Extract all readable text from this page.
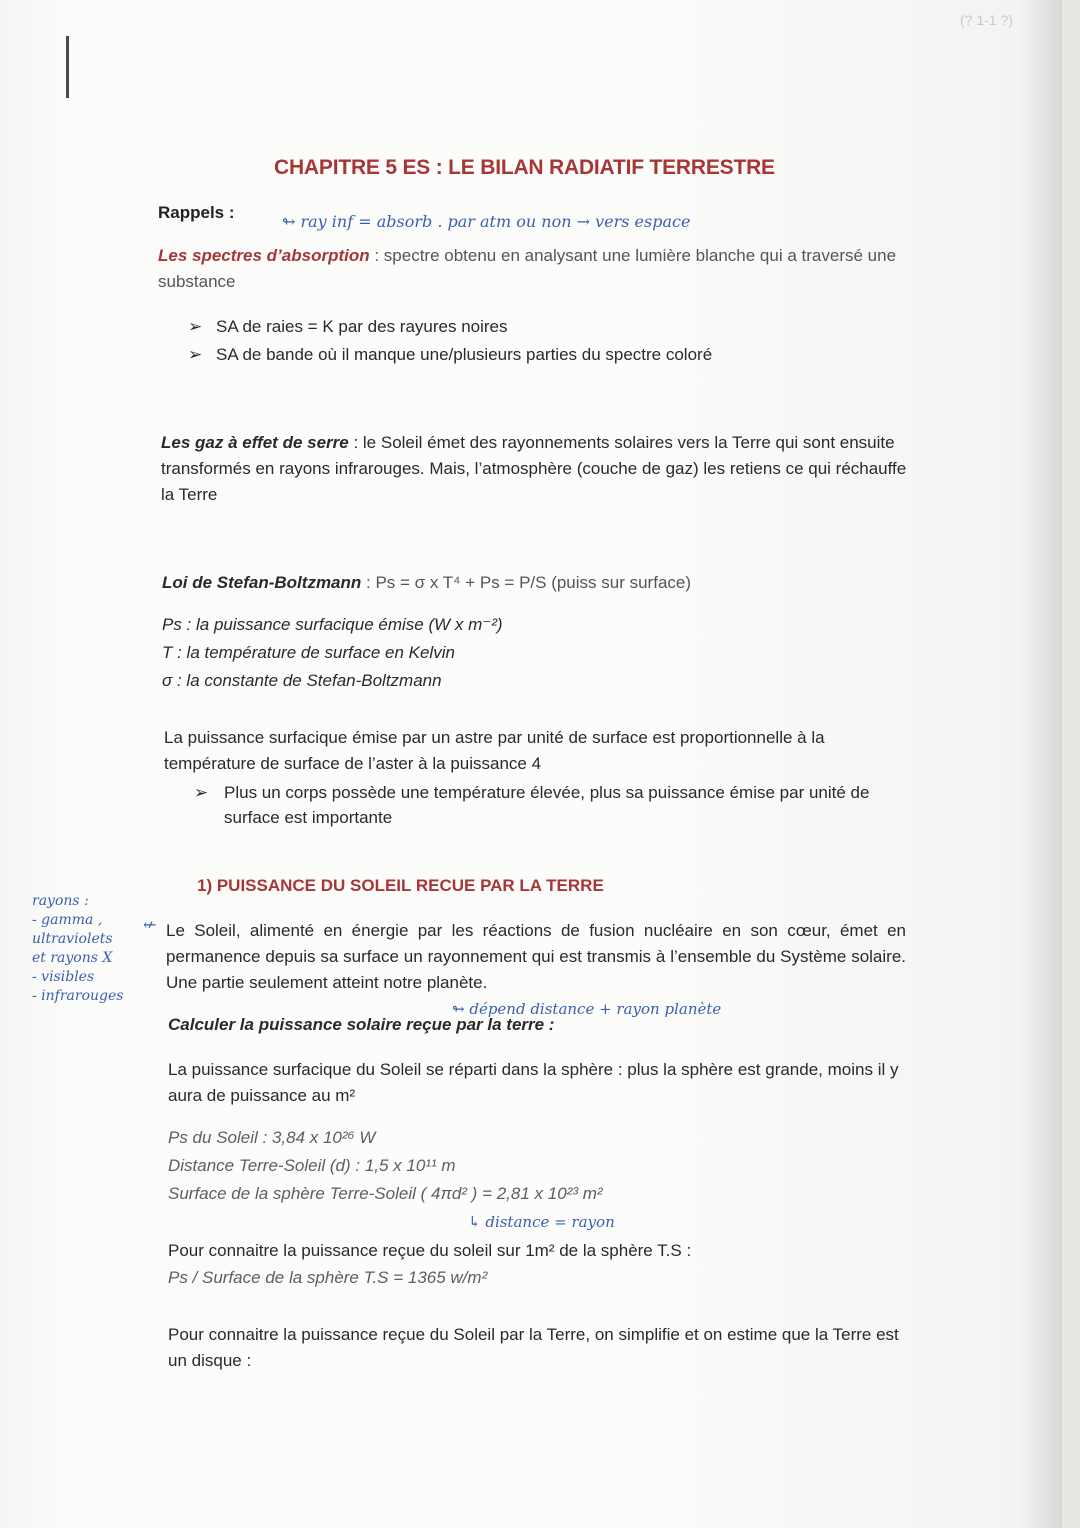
(? 1-1 ?)
CHAPITRE 5 ES : LE BILAN RADIATIF TERRESTRE
Rappels :	↬ ray inf = absorb . par atm ou non → vers espace
Les spectres d’absorption : spectre obtenu en analysant une lumière blanche qui a traversé une substance
➢ SA de raies = K par des rayures noires
➢ SA de bande où il manque une/plusieurs parties du spectre coloré
Les gaz à effet de serre : le Soleil émet des rayonnements solaires vers la Terre qui sont ensuite transformés en rayons infrarouges. Mais, l’atmosphère (couche de gaz) les retiens ce qui réchauffe la Terre
Loi de Stefan-Boltzmann : Ps = σ x T⁴ + Ps = P/S (puiss sur surface)
Ps : la puissance surfacique émise (W x m⁻²)
T : la température de surface en Kelvin
σ : la constante de Stefan-Boltzmann
La puissance surfacique émise par un astre par unité de surface est proportionnelle à la température de surface de l’aster à la puissance 4
➢ Plus un corps possède une température élevée, plus sa puissance émise par unité de surface est importante
1) PUISSANCE DU SOLEIL RECUE PAR LA TERRE
rayons :
- gamma ,
ultraviolets
et rayons X
- visibles
- infrarouges
↚ Le Soleil, alimenté en énergie par les réactions de fusion nucléaire en son cœur, émet en permanence depuis sa surface un rayonnement qui est transmis à l’ensemble du Système solaire. Une partie seulement atteint notre planète.
↬ dépend distance + rayon planète
Calculer la puissance solaire reçue par la terre :
La puissance surfacique du Soleil se réparti dans la sphère : plus la sphère est grande, moins il y aura de puissance au m²
Ps du Soleil : 3,84 x 10²⁶ W
Distance Terre-Soleil (d) : 1,5 x 10¹¹ m
Surface de la sphère Terre-Soleil ( 4πd² ) = 2,81 x 10²³ m²
↳ distance = rayon
Pour connaitre la puissance reçue du soleil sur 1m² de la sphère T.S :
Ps / Surface de la sphère T.S = 1365 w/m²
Pour connaitre la puissance reçue du Soleil par la Terre, on simplifie et on estime que la Terre est un disque :
